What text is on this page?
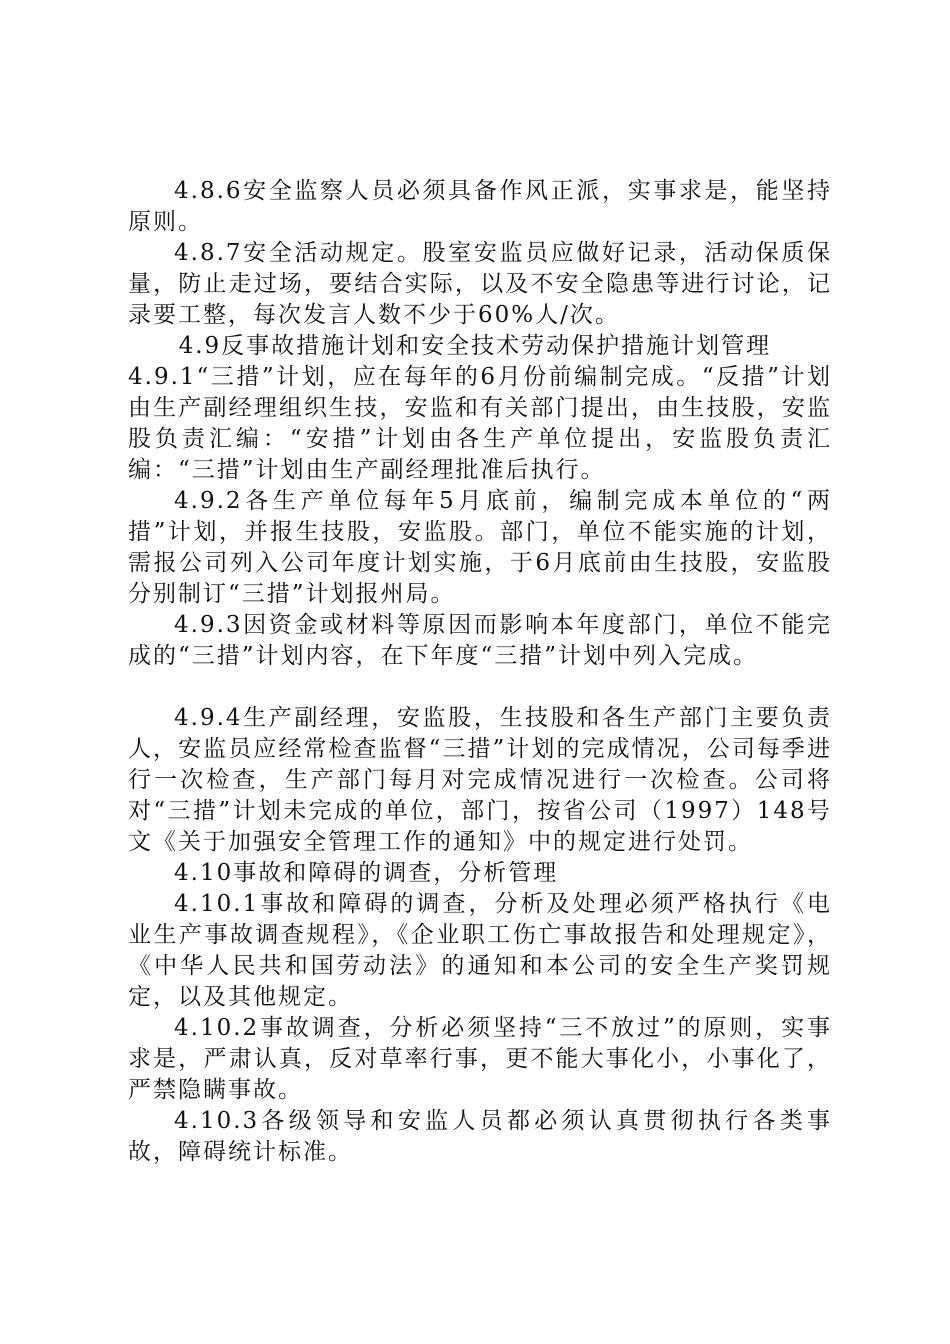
4.8.6安全监察人员必须具备作风正派，实事求是，能坚持原则。

4.8.7安全活动规定。股室安监员应做好记录，活动保质保量，防止走过场，要结合实际，以及不安全隐患等进行讨论，记录要工整，每次发言人数不少于60%人/次。

4.9反事故措施计划和安全技术劳动保护措施计划管理

4.9.1“三措”计划，应在每年的6月份前编制完成。“反措”计划由生产副经理组织生技，安监和有关部门提出，由生技股，安监股负责汇编：“安措”计划由各生产单位提出，安监股负责汇编：“三措”计划由生产副经理批准后执行。

4.9.2各生产单位每年5月底前，编制完成本单位的“两措”计划，并报生技股，安监股。部门，单位不能实施的计划，需报公司列入公司年度计划实施，于6月底前由生技股，安监股分别制订“三措”计划报州局。

4.9.3因资金或材料等原因而影响本年度部门，单位不能完成的“三措”计划内容，在下年度“三措”计划中列入完成。

4.9.4生产副经理，安监股，生技股和各生产部门主要负责人，安监员应经常检查监督“三措”计划的完成情况，公司每季进行一次检查，生产部门每月对完成情况进行一次检查。公司将对“三措”计划未完成的单位，部门，按省公司（1997）148号文《关于加强安全管理工作的通知》中的规定进行处罚。

4.10事故和障碍的调查，分析管理

4.10.1事故和障碍的调查，分析及处理必须严格执行《电业生产事故调查规程》，《企业职工伤亡事故报告和处理规定》，《中华人民共和国劳动法》的通知和本公司的安全生产奖罚规定，以及其他规定。

4.10.2事故调查，分析必须坚持“三不放过”的原则，实事求是，严肃认真，反对草率行事，更不能大事化小，小事化了，严禁隐瞒事故。

4.10.3各级领导和安监人员都必须认真贯彻执行各类事故，障碍统计标准。
